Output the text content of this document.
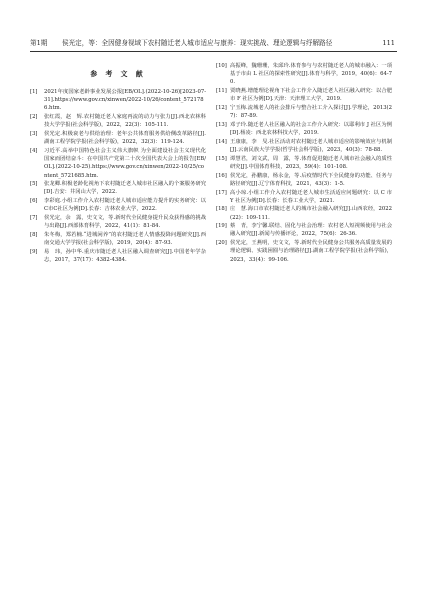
第1期 侯光定，等：全因健身视域下农村随迁老人城市适应与康养：现实挑战、理论逻辑与纾解路径	111
参 考 文 献
[1] 2021年度国家老龄事业发展公报[EB/OL].(2022-10-26)[2023-07-31].https://www.gov.cn/xinwen/2022-10/26/content_5721786.htm.
[2] 张红霞，赵　辉.农村随迁老人家庭再流的动力与张力[J].西北农林科技大学学报(社会科学版)，2022，22(3)：105-111.
[3] 侯光定.积极衰老与供给治理：老年公共体育服务供给侧改革路径[J].湖南工程学院学报(社会科学版)，2022，32(3)：119-124.
[4] 习近平.高举中国特色社会主义伟大旗帜 为全面建设社会主义现代化国家而团结奋斗：在中国共产党第二十次全国代表大会上的报告[EB/OL].(2022-10-25).https://www.gov.cn/xinwen/2022-10/25/content_5721685.htm.
[5] 张龙卿.积极老龄化视角下农村随迁老人城市社区融入的个案服务研究[D].吉安：井冈山大学，2022.
[6] 李彩庭.小组工作介入农村随迁老人城市适应能力提升的实务研究：以C市C社区为例[D].长春：吉林农业大学，2022.
[7] 侯光定，余　露，史文文，等.新时代全民健身提升民众获得感的挑战与出路[J].西部体育科学，2022，41(1)：81-84.
[8] 朱冬梅，郑若楠.“进城闲养”的农村随迁老人情感投降问题研究[J].西南交通大学学报(社会科学版)，2019，20(4)：87-93.
[9] 易　玮，孙中华.重庆市随迁老人社区融入调查研究[J].中国老年学杂志，2017，37(17)：4382-4384.
[10] 高振峰，魏珊珊，朱邱玲.体育参与与农村随迁老人的城市融入：一项基于市由 L 社区的探索性研究[J].体育与科学，2019，40(6)：64-70.
[11] 贾晓燕.增能理论视角下社会工作介入随迁老人社区融入研究：以合肥市 F 社区为例[D].天津：天津理工大学，2019.
[12] 宁玉梅.流城老人的社会排斥与整合社工介入探讨[J].学理论，2013(27)：87-89.
[13] 邓子玲.随迁老人社区融入的社会工作介入研究：以耶利市 J 社区为例[D].杨凌：西北农林科技大学，2019.
[14] 王康康，李　旻.社区活动对农村随迁老人城市适应的影响效应与机制[J].云南民族大学学报(哲学社会科学版)，2023，40(3)：78-88.
[15] 谭慧君，刘文武，周　露，等.体育促进随迁老人城市社会融入的质性研究[J].中国体育科技，2023，59(4)：101-108.
[16] 侯光定，孙鹏康，杨永金，等.后疫情时代下全民健身的功能、任务与路径研究[J].辽宁体育科技，2021，43(3)：1-5.
[17] 高小琼.小组工作介入农村随迁老人城市生活适应问题研究：以 C 市 Y 社区为例[D].长春：长春工业大学，2021.
[18] 庄　慧.海口市农村随迁老人的城市社会融入研究[J].山西农经，2022(22)：109-111.
[19] 蔡　青，李宁馨.联结、固化与社会治理：农村老人短视频使用与社会融入研究[J].新闻与传播评论，2022，75(6)：26-36.
[20] 侯光定，王燕明，史文文，等.新时代全民健身公共服务高质量发展的理论逻辑、实践困囿与治理路径[J].湖南工程学院学报(社会科学版)，2023，33(4)：99-106.
